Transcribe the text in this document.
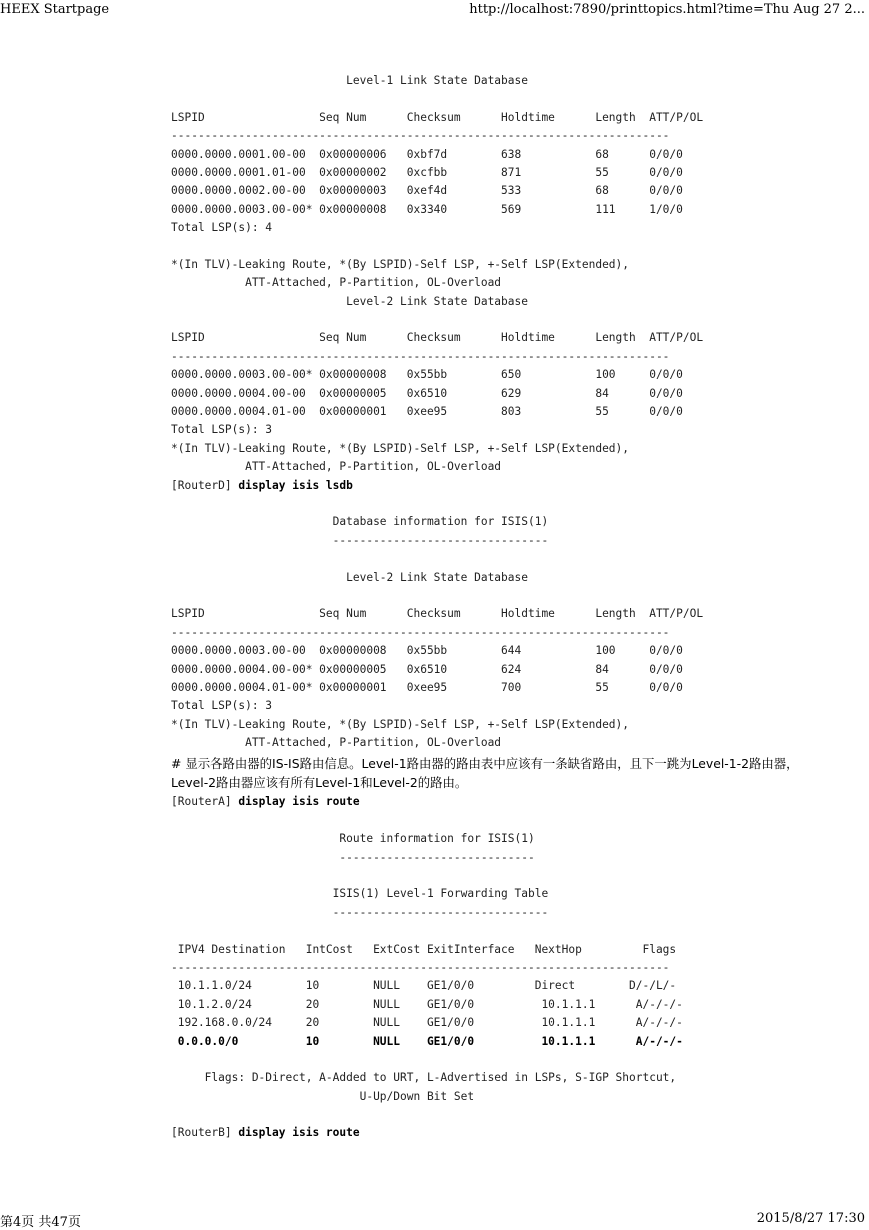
HEEX Startpage	http://localhost:7890/printtopics.html?time=Thu Aug 27 2...
Level-1 Link State Database
LSPID                 Seq Num      Checksum      Holdtime      Length  ATT/P/OL
--------------------------------------------------------------------------
0000.0000.0001.00-00  0x00000006   0xbf7d        638           68      0/0/0
0000.0000.0001.01-00  0x00000002   0xcfbb        871           55      0/0/0
0000.0000.0002.00-00  0x00000003   0xef4d        533           68      0/0/0
0000.0000.0003.00-00* 0x00000008   0x3340        569           111     1/0/0
Total LSP(s): 4
*(In TLV)-Leaking Route, *(By LSPID)-Self LSP, +-Self LSP(Extended),
ATT-Attached, P-Partition, OL-Overload
Level-2 Link State Database
LSPID                 Seq Num      Checksum      Holdtime      Length  ATT/P/OL
--------------------------------------------------------------------------
0000.0000.0003.00-00* 0x00000008   0x55bb        650           100     0/0/0
0000.0000.0004.00-00  0x00000005   0x6510        629           84      0/0/0
0000.0000.0004.01-00  0x00000001   0xee95        803           55      0/0/0
Total LSP(s): 3
*(In TLV)-Leaking Route, *(By LSPID)-Self LSP, +-Self LSP(Extended),
ATT-Attached, P-Partition, OL-Overload
[RouterD] display isis lsdb
Database information for ISIS(1)
--------------------------------
Level-2 Link State Database
LSPID                 Seq Num      Checksum      Holdtime      Length  ATT/P/OL
--------------------------------------------------------------------------
0000.0000.0003.00-00  0x00000008   0x55bb        644           100     0/0/0
0000.0000.0004.00-00* 0x00000005   0x6510        624           84      0/0/0
0000.0000.0004.01-00* 0x00000001   0xee95        700           55      0/0/0
Total LSP(s): 3
*(In TLV)-Leaking Route, *(By LSPID)-Self LSP, +-Self LSP(Extended),
ATT-Attached, P-Partition, OL-Overload
# 显示各路由器的IS-IS路由信息。Level-1路由器的路由表中应该有一条缺省路由，且下一跳为Level-1-2路由器，Level-2路由器应该有所有Level-1和Level-2的路由。
[RouterA] display isis route
Route information for ISIS(1)
-----------------------------
ISIS(1) Level-1 Forwarding Table
--------------------------------
IPV4 Destination   IntCost   ExtCost ExitInterface   NextHop         Flags
--------------------------------------------------------------------------
10.1.1.0/24        10        NULL    GE1/0/0         Direct        D/-/L/-
10.1.2.0/24        20        NULL    GE1/0/0          10.1.1.1      A/-/-/-
192.168.0.0/24     20        NULL    GE1/0/0          10.1.1.1      A/-/-/-
0.0.0.0/0          10        NULL    GE1/0/0          10.1.1.1      A/-/-/-
Flags: D-Direct, A-Added to URT, L-Advertised in LSPs, S-IGP Shortcut,
U-Up/Down Bit Set
[RouterB] display isis route
第4页 共47页	2015/8/27 17:30
